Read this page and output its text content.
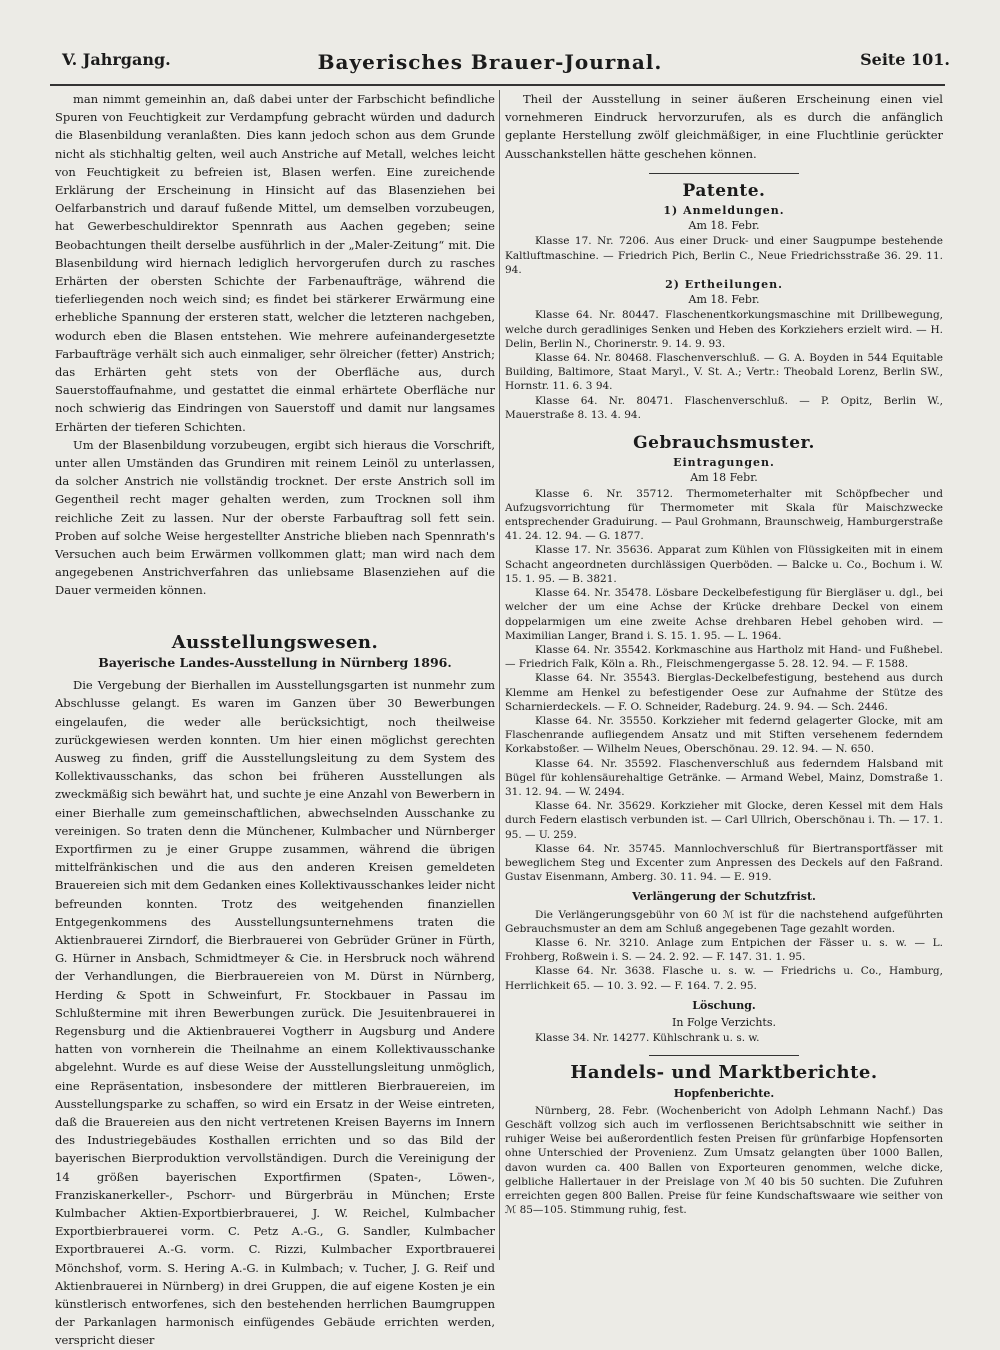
V. Jahrgang.	Bayerisches Brauer-Journal.	Seite 101.

man nimmt gemeinhin an, daß dabei unter der Farbschicht befindliche Spuren von Feuchtigkeit zur Verdampfung gebracht würden und dadurch die Blasenbildung veranlaßten. Dies kann jedoch schon aus dem Grunde nicht als stichhaltig gelten, weil auch Anstriche auf Metall, welches leicht von Feuchtigkeit zu befreien ist, Blasen werfen. Eine zureichende Erklärung der Erscheinung in Hinsicht auf das Blasenziehen bei Oelfarbanstrich und darauf fußende Mittel, um demselben vorzubeugen, hat Gewerbeschuldirektor Spennrath aus Aachen gegeben; seine Beobachtungen theilt derselbe ausführlich in der „Maler-Zeitung“ mit. Die Blasenbildung wird hiernach lediglich hervorgerufen durch zu rasches Erhärten der obersten Schichte der Farbenaufträge, während die tieferliegenden noch weich sind; es findet bei stärkerer Erwärmung eine erhebliche Spannung der ersteren statt, welcher die letzteren nachgeben, wodurch eben die Blasen entstehen. Wie mehrere aufeinandergesetzte Farbaufträge verhält sich auch einmaliger, sehr ölreicher (fetter) Anstrich; das Erhärten geht stets von der Oberfläche aus, durch Sauerstoffaufnahme, und gestattet die einmal erhärtete Oberfläche nur noch schwierig das Eindringen von Sauerstoff und damit nur langsames Erhärten der tieferen Schichten.

Um der Blasenbildung vorzubeugen, ergibt sich hieraus die Vorschrift, unter allen Umständen das Grundiren mit reinem Leinöl zu unterlassen, da solcher Anstrich nie vollständig trocknet. Der erste Anstrich soll im Gegentheil recht mager gehalten werden, zum Trocknen soll ihm reichliche Zeit zu lassen. Nur der oberste Farbauftrag soll fett sein. Proben auf solche Weise hergestellter Anstriche blieben nach Spennrath's Versuchen auch beim Erwärmen vollkommen glatt; man wird nach dem angegebenen Anstrichverfahren das unliebsame Blasenziehen auf die Dauer vermeiden können.

Ausstellungswesen.
Bayerische Landes-Ausstellung in Nürnberg 1896.

Die Vergebung der Bierhallen im Ausstellungsgarten ist nunmehr zum Abschlusse gelangt. Es waren im Ganzen über 30 Bewerbungen eingelaufen, die weder alle berücksichtigt, noch theilweise zurückgewiesen werden konnten. Um hier einen möglichst gerechten Ausweg zu finden, griff die Ausstellungsleitung zu dem System des Kollektivausschanks, das schon bei früheren Ausstellungen als zweckmäßig sich bewährt hat, und suchte je eine Anzahl von Bewerbern in einer Bierhalle zum gemeinschaftlichen, abwechselnden Ausschanke zu vereinigen. So traten denn die Münchener, Kulmbacher und Nürnberger Exportfirmen zu je einer Gruppe zusammen, während die übrigen mittelfränkischen und die aus den anderen Kreisen gemeldeten Brauereien sich mit dem Gedanken eines Kollektivausschankes leider nicht befreunden konnten. Trotz des weitgehenden finanziellen Entgegenkommens des Ausstellungsunternehmens traten die Aktienbrauerei Zirndorf, die Bierbrauerei von Gebrüder Grüner in Fürth, G. Hürner in Ansbach, Schmidtmeyer & Cie. in Hersbruck noch während der Verhandlungen, die Bierbrauereien von M. Dürst in Nürnberg, Herding & Spott in Schweinfurt, Fr. Stockbauer in Passau im Schlußtermine mit ihren Bewerbungen zurück. Die Jesuitenbrauerei in Regensburg und die Aktienbrauerei Vogtherr in Augsburg und Andere hatten von vornherein die Theilnahme an einem Kollektivausschanke abgelehnt. Wurde es auf diese Weise der Ausstellungsleitung unmöglich, eine Repräsentation, insbesondere der mittleren Bierbrauereien, im Ausstellungsparke zu schaffen, so wird ein Ersatz in der Weise eintreten, daß die Brauereien aus den nicht vertretenen Kreisen Bayerns im Innern des Industriegebäudes Kosthallen errichten und so das Bild der bayerischen Bierproduktion vervollständigen. Durch die Vereinigung der 14 größen bayerischen Exportfirmen (Spaten-, Löwen-, Franziskanerkeller-, Pschorr- und Bürgerbräu in München; Erste Kulmbacher Aktien-Exportbierbrauerei, J. W. Reichel, Kulmbacher Exportbierbrauerei vorm. C. Petz A.-G., G. Sandler, Kulmbacher Exportbrauerei A.-G. vorm. C. Rizzi, Kulmbacher Exportbrauerei Mönchshof, vorm. S. Hering A.-G. in Kulmbach; v. Tucher, J. G. Reif und Aktienbrauerei in Nürnberg) in drei Gruppen, die auf eigene Kosten je ein künstlerisch entworfenes, sich den bestehenden herrlichen Baumgruppen der Parkanlagen harmonisch einfügendes Gebäude errichten werden, verspricht dieser

Theil der Ausstellung in seiner äußeren Erscheinung einen viel vornehmeren Eindruck hervorzurufen, als es durch die anfänglich geplante Herstellung zwölf gleichmäßiger, in eine Fluchtlinie gerückter Ausschankstellen hätte geschehen können.

Patente.
1) Anmeldungen.
Am 18. Febr.

Klasse 17. Nr. 7206. Aus einer Druck- und einer Saugpumpe bestehende Kaltluftmaschine. — Friedrich Pich, Berlin C., Neue Friedrichsstraße 36. 29. 11. 94.

2) Ertheilungen.
Am 18. Febr.

Klasse 64. Nr. 80447. Flaschenentkorkungsmaschine mit Drillbewegung, welche durch geradliniges Senken und Heben des Korkziehers erzielt wird. — H. Delin, Berlin N., Chorinerstr. 9. 14. 9. 93.

Klasse 64. Nr. 80468. Flaschenverschluß. — G. A. Boyden in 544 Equitable Building, Baltimore, Staat Maryl., V. St. A.; Vertr.: Theobald Lorenz, Berlin SW., Hornstr. 11. 6. 3 94.

Klasse 64. Nr. 80471. Flaschenverschluß. — P. Opitz, Berlin W., Mauerstraße 8. 13. 4. 94.

Gebrauchsmuster.
Eintragungen.
Am 18 Febr.

Klasse 6. Nr. 35712. Thermometerhalter mit Schöpfbecher und Aufzugsvorrichtung für Thermometer mit Skala für Maischzwecke entsprechender Graduirung. — Paul Grohmann, Braunschweig, Hamburgerstraße 41. 24. 12. 94. — G. 1877.

Klasse 17. Nr. 35636. Apparat zum Kühlen von Flüssigkeiten mit in einem Schacht angeordneten durchlässigen Querböden. — Balcke u. Co., Bochum i. W. 15. 1. 95. — B. 3821.

Klasse 64. Nr. 35478. Lösbare Deckelbefestigung für Biergläser u. dgl., bei welcher der um eine Achse der Krücke drehbare Deckel von einem doppelarmigen um eine zweite Achse drehbaren Hebel gehoben wird. — Maximilian Langer, Brand i. S. 15. 1. 95. — L. 1964.

Klasse 64. Nr. 35542. Korkmaschine aus Hartholz mit Hand- und Fußhebel. — Friedrich Falk, Köln a. Rh., Fleischmengergasse 5. 28. 12. 94. — F. 1588.

Klasse 64. Nr. 35543. Bierglas-Deckelbefestigung, bestehend aus durch Klemme am Henkel zu befestigender Oese zur Aufnahme der Stütze des Scharnierdeckels. — F. O. Schneider, Radeburg. 24. 9. 94. — Sch. 2446.

Klasse 64. Nr. 35550. Korkzieher mit federnd gelagerter Glocke, mit am Flaschenrande aufliegendem Ansatz und mit Stiften versehenem federndem Korkabstoßer. — Wilhelm Neues, Oberschönau. 29. 12. 94. — N. 650.

Klasse 64. Nr. 35592. Flaschenverschluß aus federndem Halsband mit Bügel für kohlensäurehaltige Getränke. — Armand Webel, Mainz, Domstraße 1. 31. 12. 94. — W. 2494.

Klasse 64. Nr. 35629. Korkzieher mit Glocke, deren Kessel mit dem Hals durch Federn elastisch verbunden ist. — Carl Ullrich, Oberschönau i. Th. — 17. 1. 95. — U. 259.

Klasse 64. Nr. 35745. Mannlochverschluß für Biertransportfässer mit beweglichem Steg und Excenter zum Anpressen des Deckels auf den Faßrand. Gustav Eisenmann, Amberg. 30. 11. 94. — E. 919.

Verlängerung der Schutzfrist.

Die Verlängerungsgebühr von 60 ℳ ist für die nachstehend aufgeführten Gebrauchsmuster an dem am Schluß angegebenen Tage gezahlt worden.

Klasse 6. Nr. 3210. Anlage zum Entpichen der Fässer u. s. w. — L. Frohberg, Roßwein i. S. — 24. 2. 92. — F. 147. 31. 1. 95.

Klasse 64. Nr. 3638. Flasche u. s. w. — Friedrichs u. Co., Hamburg, Herrlichkeit 65. — 10. 3. 92. — F. 164. 7. 2. 95.

Löschung.
In Folge Verzichts.

Klasse 34. Nr. 14277. Kühlschrank u. s. w.

Handels- und Marktberichte.
Hopfenberichte.

Nürnberg, 28. Febr. (Wochenbericht von Adolph Lehmann Nachf.) Das Geschäft vollzog sich auch im verflossenen Berichtsabschnitt wie seither in ruhiger Weise bei außerordentlich festen Preisen für grünfarbige Hopfensorten ohne Unterschied der Provenienz. Zum Umsatz gelangten über 1000 Ballen, davon wurden ca. 400 Ballen von Exporteuren genommen, welche dicke, gelbliche Hallertauer in der Preislage von ℳ 40 bis 50 suchten. Die Zufuhren erreichten gegen 800 Ballen. Preise für feine Kundschaftswaare wie seither von ℳ 85—105. Stimmung ruhig, fest.
